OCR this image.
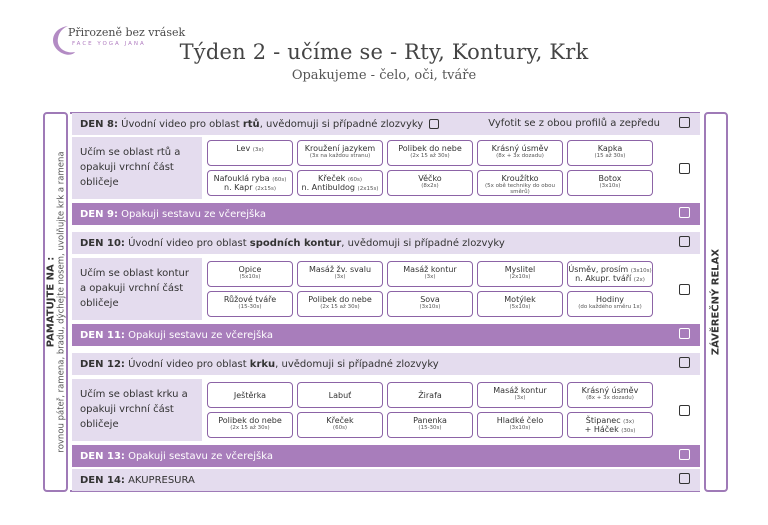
Přirozeně bez vrásek
FACE YOGA JANA	Týden 2 - učíme se - Rty, Kontury, Krk
Opakujeme - čelo, oči, tváře
PAMATUJTE NA :
rovnou páteř, ramena, bradu, dýchejte nosem, uvolňujte krk a ramena	ZÁVĚREČNÝ RELAX
DEN 8: Úvodní video pro oblast rtů, uvědomuji si případné zlozvyky	Vyfotit se z obou profilů a zepředu
Učím se oblast rtů a opakuji vrchní část obličeje
Lev (3x)	Kroužení jazykem
(3x na každou stranu)
Polibek do nebe
(2x 15 až 30s)
Krásný úsměv
(8x + 3x dozadu)
Kapka
(15 až 30s)
Nafouklá ryba (60s)
n. Kapr (2x15s)
Křeček (60s)
n. Antibuldog (2x15s)
Věčko
(8x2s)
Kroužítko
(5x obě techniky do obou směrů)
Botox
(3x10s)
DEN 9: Opakuji sestavu ze včerejška
DEN 10: Úvodní video pro oblast spodních kontur, uvědomuji si případné zlozvyky
Učím se oblast kontur a opakuji vrchní část obličeje
Opice
(5x10s)
Masáž žv. svalu
(3x)
Masáž kontur
(3x)
Myslitel
(2x10s)
Úsměv, prosím (3x10s)
n. Akupr. tváří (2x)
Růžové tváře
(15-30s)
Polibek do nebe
(2x 15 až 30s)
Sova
(3x10s)
Motýlek
(5x10s)
Hodiny
(do každého směru 1x)
DEN 11: Opakuji sestavu ze včerejška
DEN 12: Úvodní video pro oblast krku, uvědomuji si případné zlozvyky
Učím se oblast krku a opakuji vrchní část obličeje
Ještěrka	Labuť	Žirafa
Masáž kontur
(3x)
Krásný úsměv
(8x + 3x dozadu)
Polibek do nebe
(2x 15 až 30s)
Křeček
(60s)
Panenka
(15-30s)
Hladké čelo
(3x10s)
Štipanec (3x)
+ Háček (30s)
DEN 13: Opakuji sestavu ze včerejška
DEN 14: AKUPRESURA
